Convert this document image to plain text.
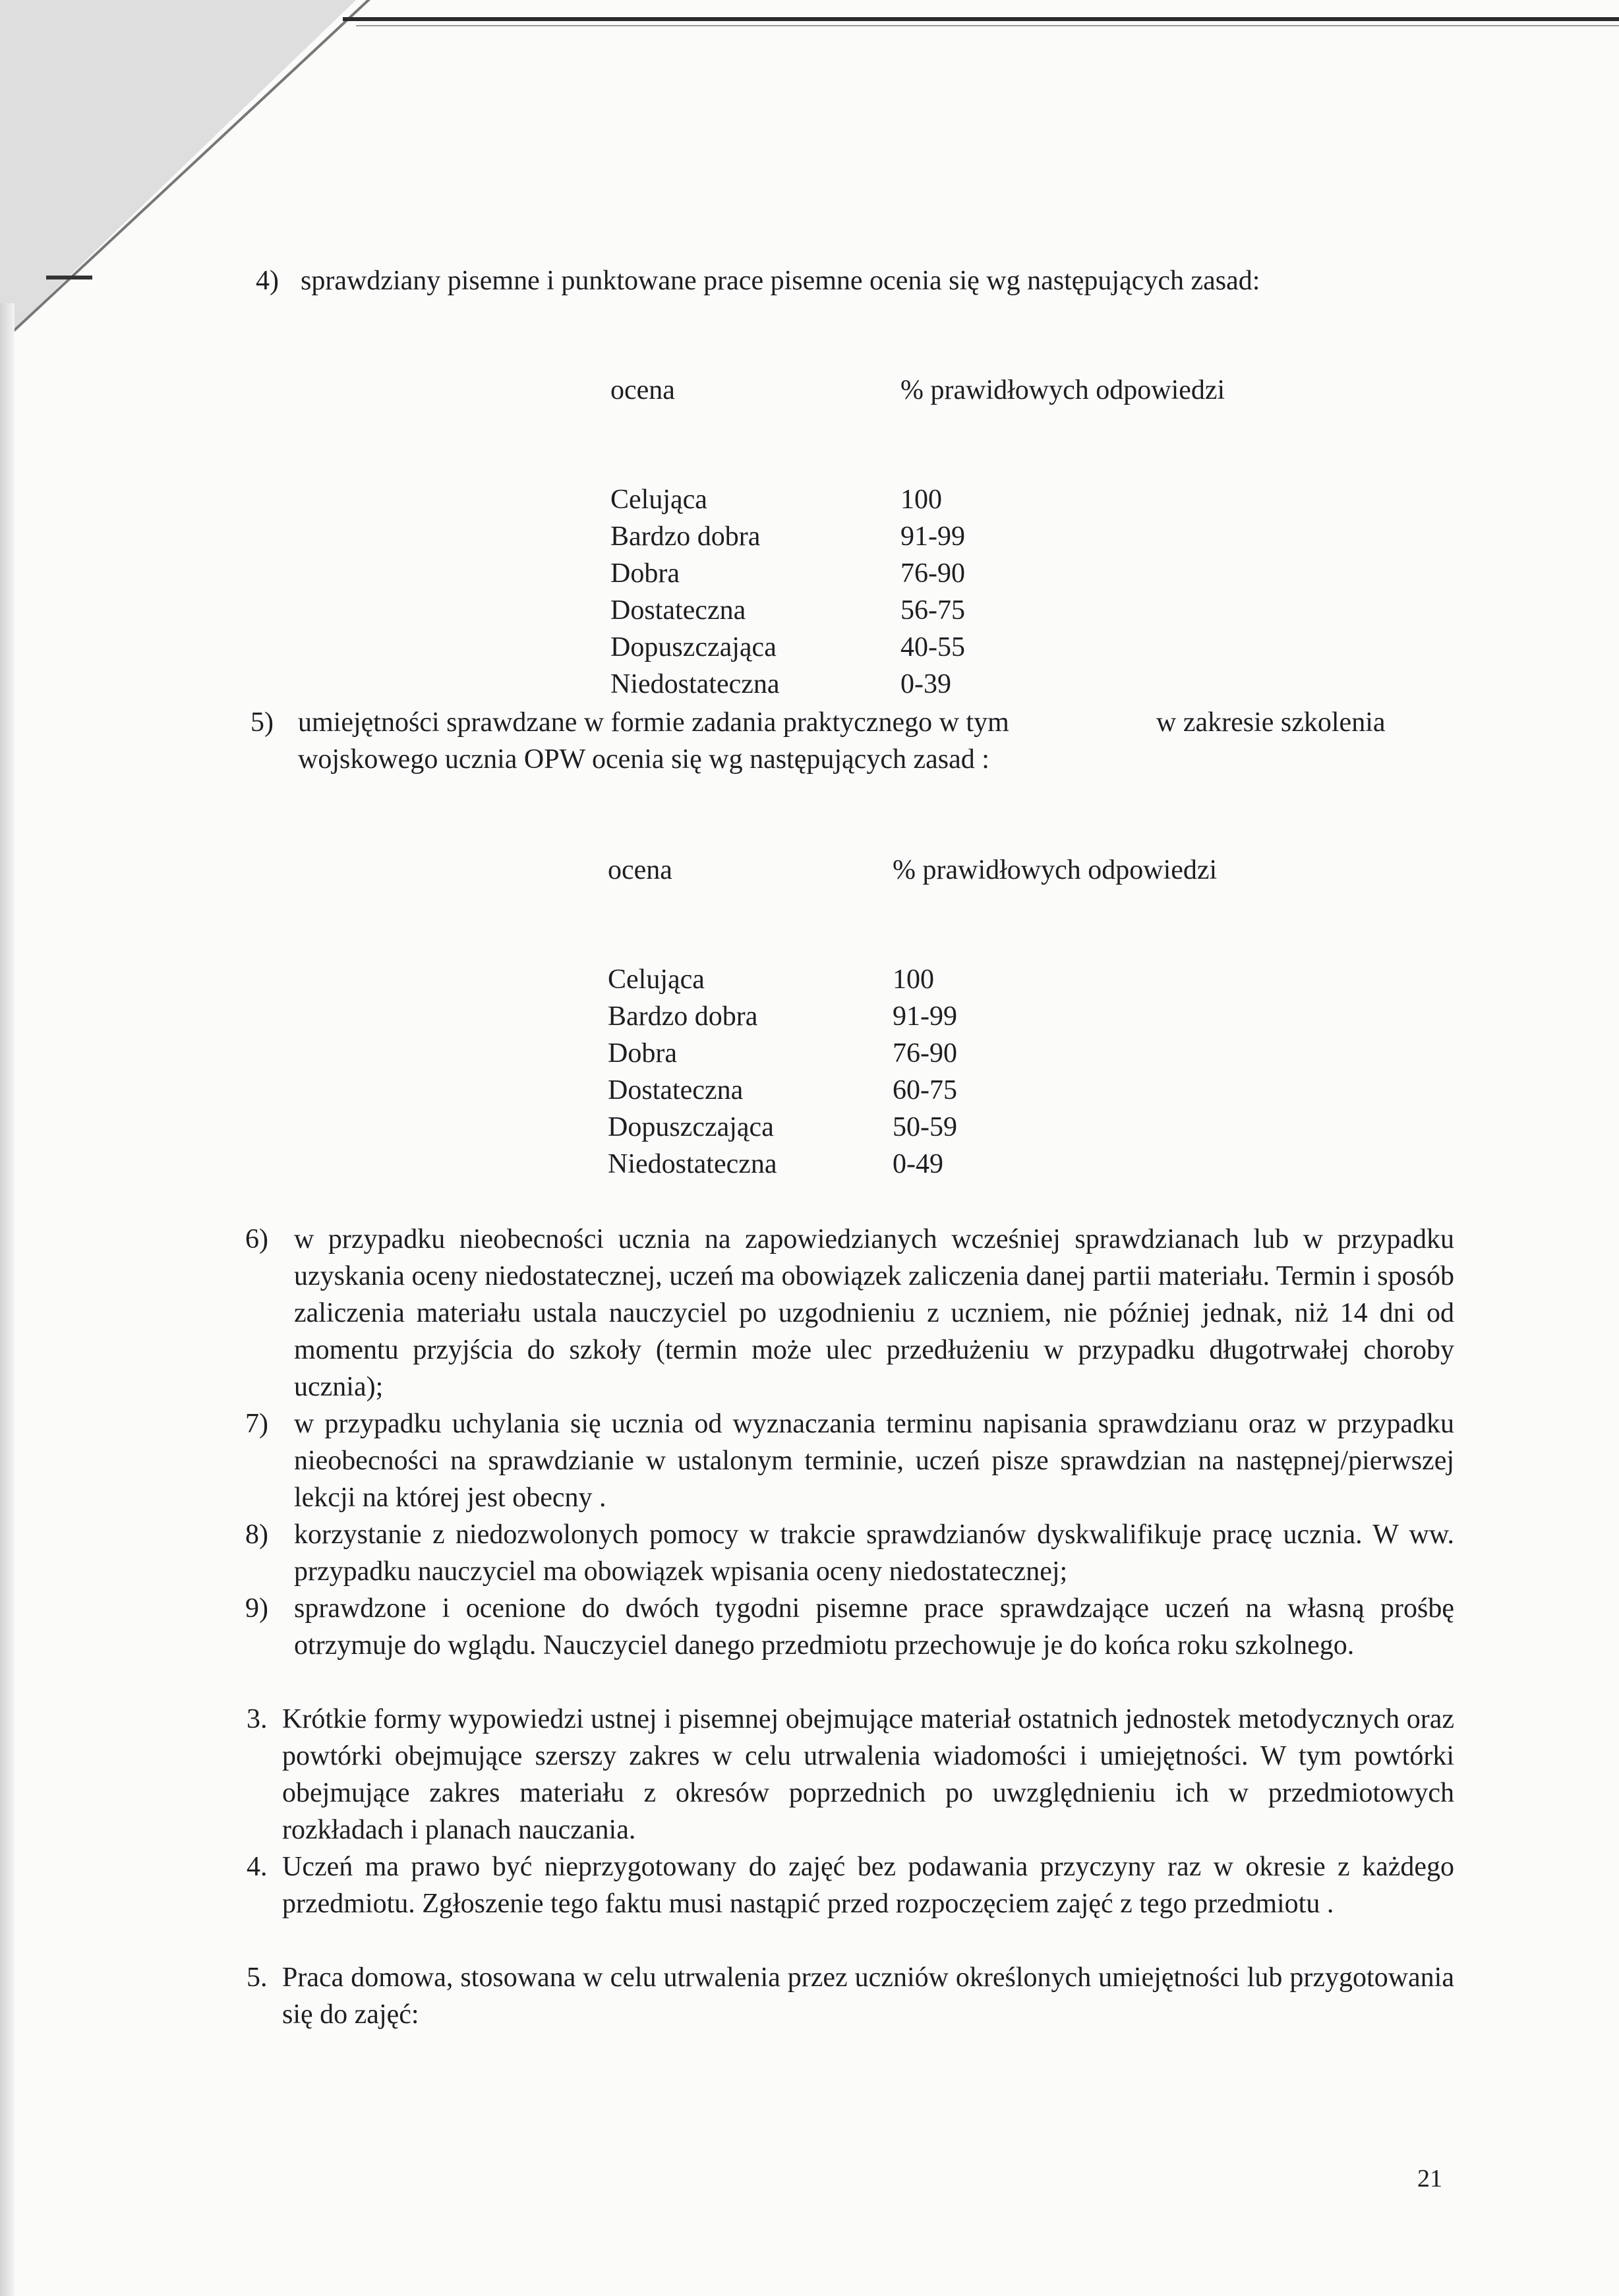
4) sprawdziany pisemne i punktowane prace pisemne ocenia się wg następujących zasad:
ocena	% prawidłowych odpowiedzi
Celująca	100
Bardzo dobra	91-99
Dobra	76-90
Dostateczna	56-75
Dopuszczająca	40-55
Niedostateczna	0-39
5) umiejętności sprawdzane w formie zadania praktycznego w tym	w zakresie szkolenia
wojskowego ucznia OPW ocenia się wg następujących zasad :
ocena	% prawidłowych odpowiedzi
Celująca	100
Bardzo dobra	91-99
Dobra	76-90
Dostateczna	60-75
Dopuszczająca	50-59
Niedostateczna	0-49
6) w przypadku nieobecności ucznia na zapowiedzianych wcześniej sprawdzianach lub w przypadku uzyskania oceny niedostatecznej, uczeń ma obowiązek zaliczenia danej partii materiału. Termin i sposób zaliczenia materiału ustala nauczyciel po uzgodnieniu z uczniem, nie później jednak, niż 14 dni od momentu przyjścia do szkoły (termin może ulec przedłużeniu w przypadku długotrwałej choroby ucznia);
7) w przypadku uchylania się ucznia od wyznaczania terminu napisania sprawdzianu oraz w przypadku nieobecności na sprawdzianie w ustalonym terminie, uczeń pisze sprawdzian na następnej/pierwszej lekcji na której jest obecny .
8) korzystanie z niedozwolonych pomocy w trakcie sprawdzianów dyskwalifikuje pracę ucznia. W ww. przypadku nauczyciel ma obowiązek wpisania oceny niedostatecznej;
9) sprawdzone i ocenione do dwóch tygodni pisemne prace sprawdzające uczeń na własną prośbę otrzymuje do wglądu. Nauczyciel danego przedmiotu przechowuje je do końca roku szkolnego.
3. Krótkie formy wypowiedzi ustnej i pisemnej obejmujące materiał ostatnich jednostek metodycznych oraz powtórki obejmujące szerszy zakres w celu utrwalenia wiadomości i umiejętności. W tym powtórki obejmujące zakres materiału z okresów poprzednich po uwzględnieniu ich w przedmiotowych rozkładach i planach nauczania.
4. Uczeń ma prawo być nieprzygotowany do zajęć bez podawania przyczyny raz w okresie z każdego przedmiotu. Zgłoszenie tego faktu musi nastąpić przed rozpoczęciem zajęć z tego przedmiotu .
5. Praca domowa, stosowana w celu utrwalenia przez uczniów określonych umiejętności lub przygotowania się do zajęć:
21
